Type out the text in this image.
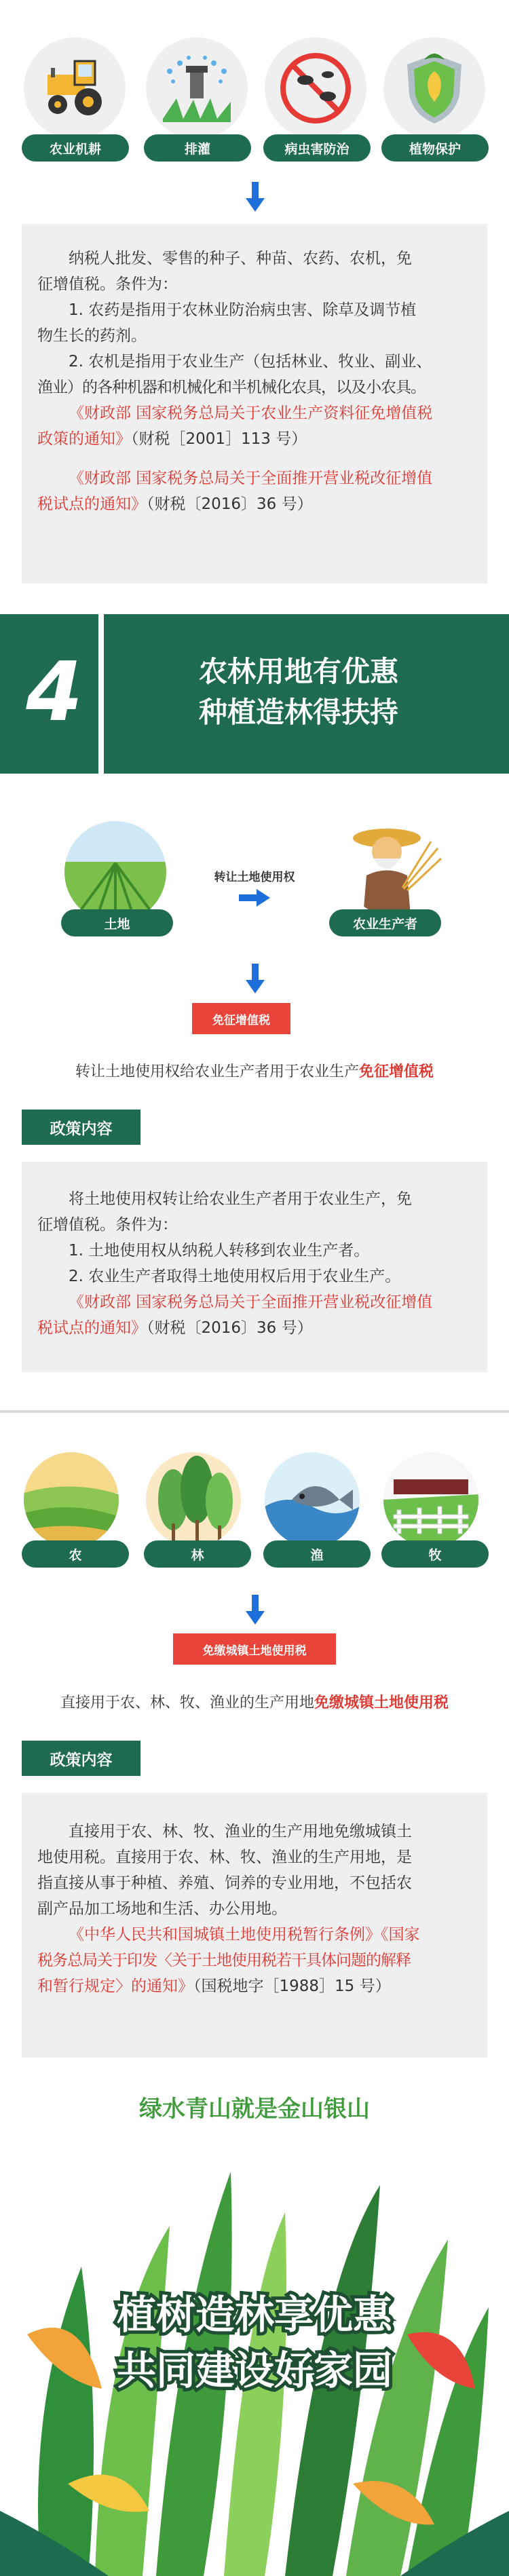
农业机耕	排灌	病虫害防治	植物保护
纳税人批发、零售的种子、种苗、农药、农机，免
征增值税。条件为：
1. 农药是指用于农林业防治病虫害、除草及调节植
物生长的药剂。
2. 农机是指用于农业生产（包括林业、牧业、副业、
渔业）的各种机器和机械化和半机械化农具，以及小农具。
《财政部 国家税务总局关于农业生产资料征免增值税
政策的通知》（财税［2001］113 号）
《财政部 国家税务总局关于全面推开营业税改征增值
税试点的通知》（财税〔2016〕36 号）
4	农林用地有优惠
种植造林得扶持
转让土地使用权
土地	农业生产者
免征增值税
转让土地使用权给农业生产者用于农业生产免征增值税
政策内容
将土地使用权转让给农业生产者用于农业生产，免
征增值税。条件为：
1. 土地使用权从纳税人转移到农业生产者。
2. 农业生产者取得土地使用权后用于农业生产。
《财政部 国家税务总局关于全面推开营业税改征增值
税试点的通知》（财税〔2016〕36 号）
农	林	渔	牧
免缴城镇土地使用税
直接用于农、林、牧、渔业的生产用地免缴城镇土地使用税
政策内容
直接用于农、林、牧、渔业的生产用地免缴城镇土
地使用税。直接用于农、林、牧、渔业的生产用地，是
指直接从事于种植、养殖、饲养的专业用地，不包括农
副产品加工场地和生活、办公用地。
《中华人民共和国城镇土地使用税暂行条例》《国家
税务总局关于印发〈关于土地使用税若干具体问题的解释
和暂行规定〉的通知》（国税地字［1988］15 号）
绿水青山就是金山银山
植树造林享优惠
共同建设好家园
